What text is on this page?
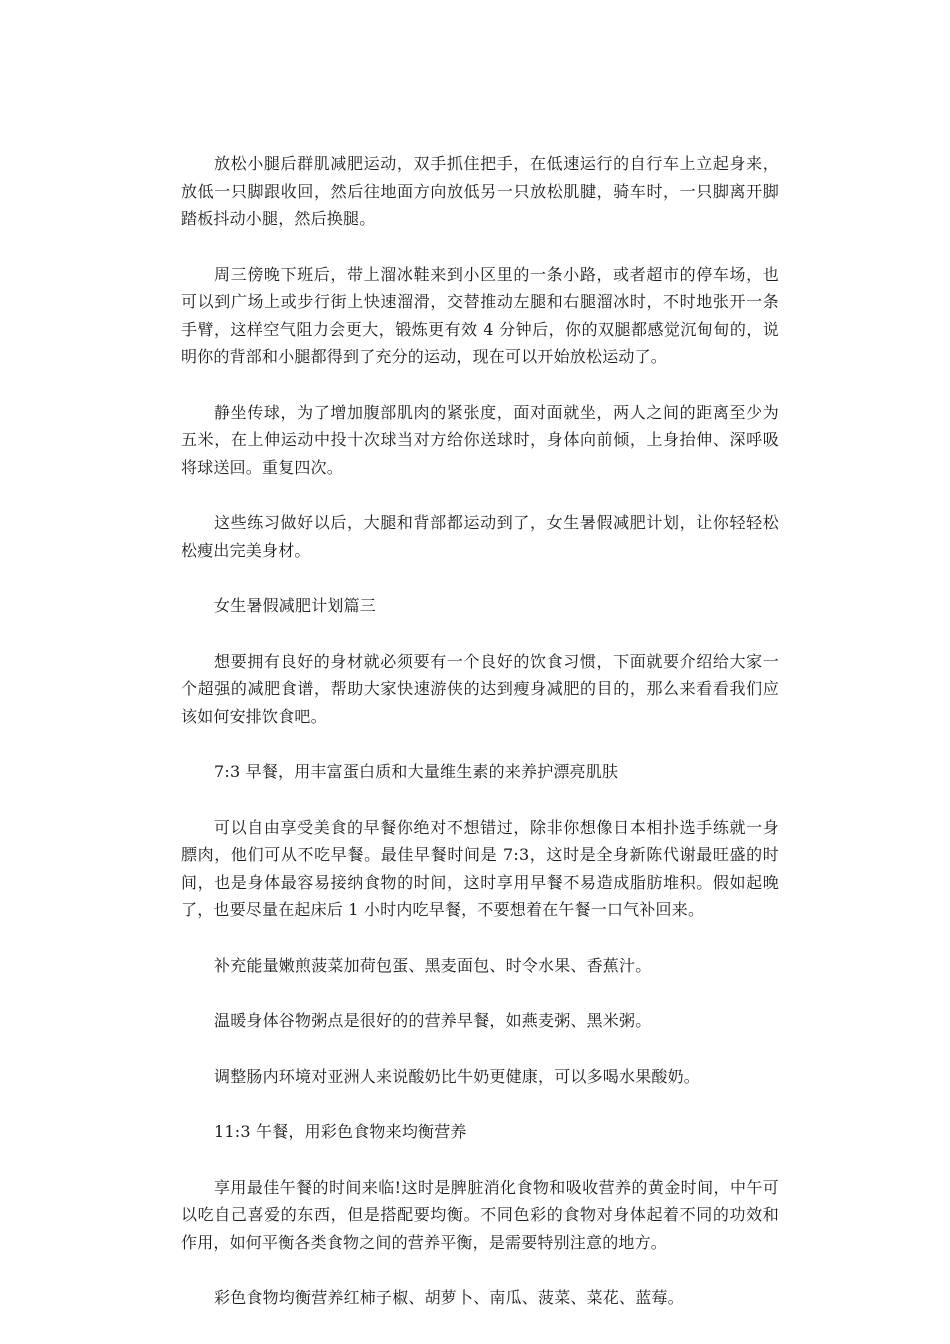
放松小腿后群肌减肥运动，双手抓住把手，在低速运行的自行车上立起身来，放低一只脚跟收回，然后往地面方向放低另一只放松肌腱，骑车时，一只脚离开脚踏板抖动小腿，然后换腿。

周三傍晚下班后，带上溜冰鞋来到小区里的一条小路，或者超市的停车场，也可以到广场上或步行街上快速溜滑，交替推动左腿和右腿溜冰时，不时地张开一条手臂，这样空气阻力会更大，锻炼更有效 4 分钟后，你的双腿都感觉沉甸甸的，说明你的背部和小腿都得到了充分的运动，现在可以开始放松运动了。

静坐传球，为了增加腹部肌肉的紧张度，面对面就坐，两人之间的距离至少为五米，在上伸运动中投十次球当对方给你送球时，身体向前倾，上身抬伸、深呼吸将球送回。重复四次。

这些练习做好以后，大腿和背部都运动到了，女生暑假减肥计划，让你轻轻松松瘦出完美身材。

女生暑假减肥计划篇三

想要拥有良好的身材就必须要有一个良好的饮食习惯，下面就要介绍给大家一个超强的减肥食谱，帮助大家快速游侠的达到瘦身减肥的目的，那么来看看我们应该如何安排饮食吧。

7:3 早餐，用丰富蛋白质和大量维生素的来养护漂亮肌肤

可以自由享受美食的早餐你绝对不想错过，除非你想像日本相扑选手练就一身膘肉，他们可从不吃早餐。最佳早餐时间是 7:3，这时是全身新陈代谢最旺盛的时间，也是身体最容易接纳食物的时间，这时享用早餐不易造成脂肪堆积。假如起晚了，也要尽量在起床后 1 小时内吃早餐，不要想着在午餐一口气补回来。

补充能量嫩煎菠菜加荷包蛋、黑麦面包、时令水果、香蕉汁。

温暖身体谷物粥点是很好的的营养早餐，如燕麦粥、黑米粥。

调整肠内环境对亚洲人来说酸奶比牛奶更健康，可以多喝水果酸奶。

11:3 午餐，用彩色食物来均衡营养

享用最佳午餐的时间来临!这时是脾脏消化食物和吸收营养的黄金时间，中午可以吃自己喜爱的东西，但是搭配要均衡。不同色彩的食物对身体起着不同的功效和作用，如何平衡各类食物之间的营养平衡，是需要特别注意的地方。

彩色食物均衡营养红柿子椒、胡萝卜、南瓜、菠菜、菜花、蓝莓。
